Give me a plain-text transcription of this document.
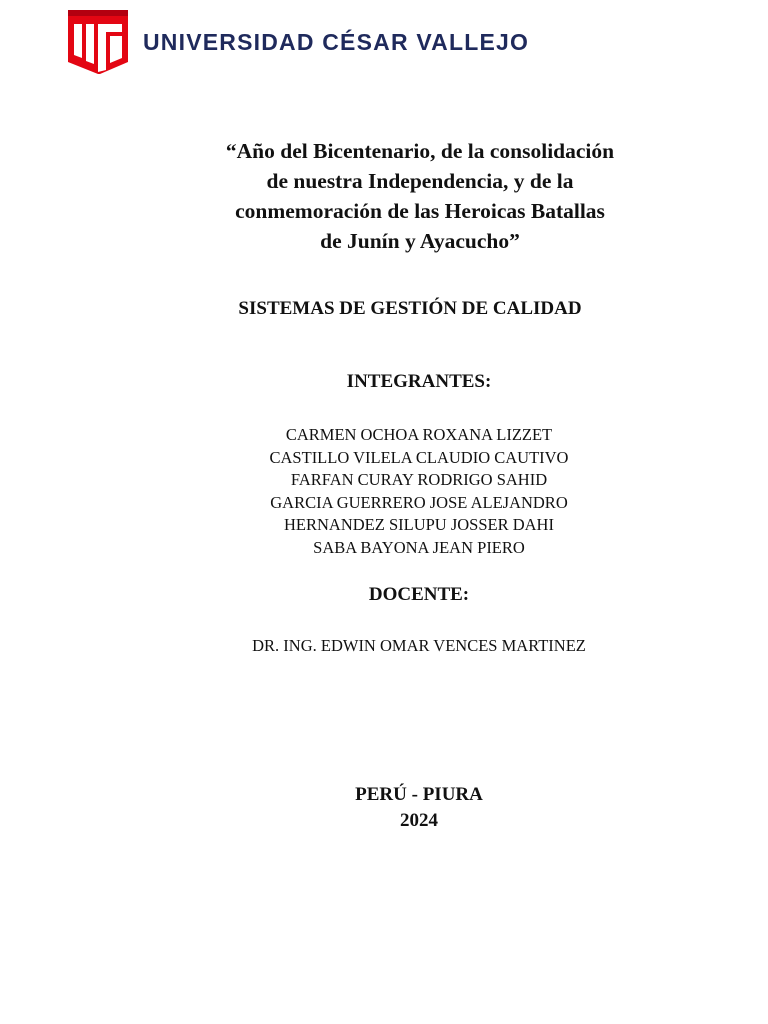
UNIVERSIDAD CÉSAR VALLEJO
“Año del Bicentenario, de la consolidación
de nuestra Independencia, y de la
conmemoración de las Heroicas Batallas
de Junín y Ayacucho”
SISTEMAS DE GESTIÓN DE CALIDAD
INTEGRANTES:
CARMEN OCHOA ROXANA LIZZET
CASTILLO VILELA CLAUDIO CAUTIVO
FARFAN CURAY RODRIGO SAHID
GARCIA GUERRERO JOSE ALEJANDRO
HERNANDEZ SILUPU JOSSER DAHI
SABA BAYONA JEAN PIERO
DOCENTE:
DR. ING. EDWIN OMAR VENCES MARTINEZ
PERÚ - PIURA
2024
